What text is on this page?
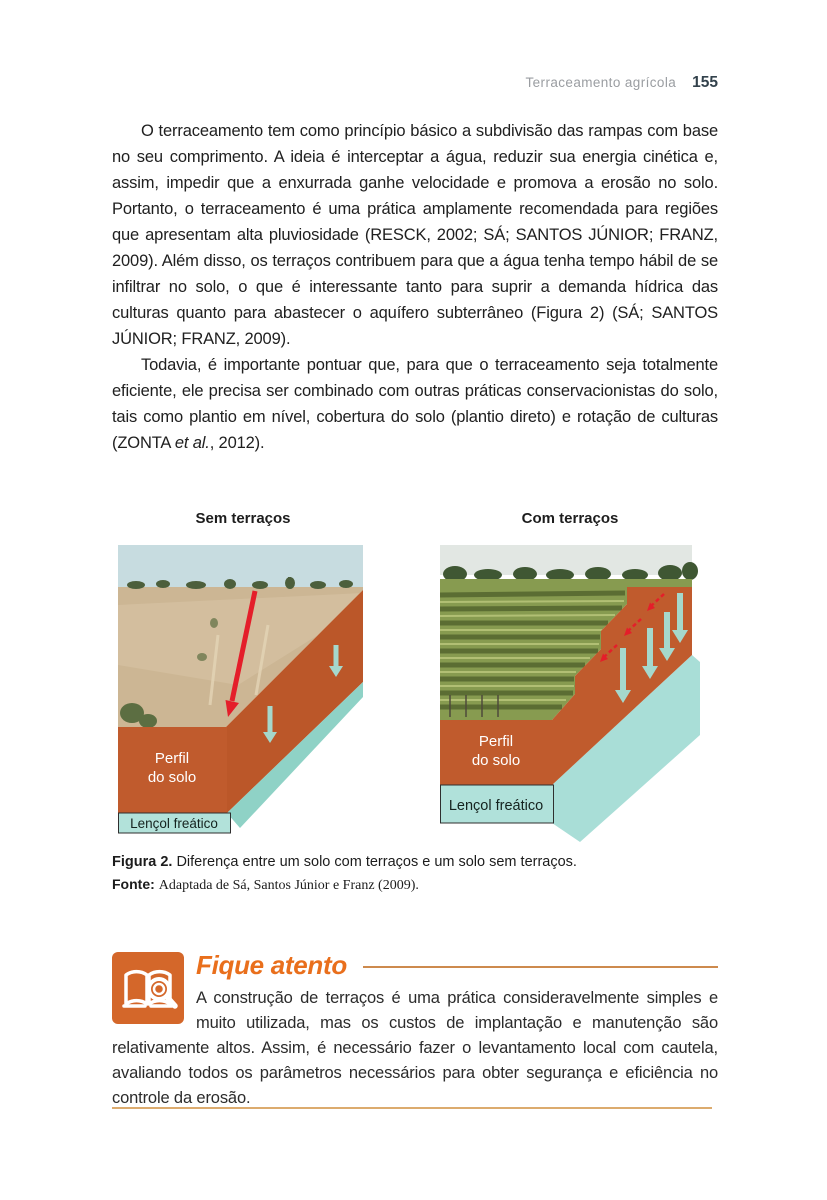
Terraceamento agrícola 155

O terraceamento tem como princípio básico a subdivisão das rampas com base no seu comprimento. A ideia é interceptar a água, reduzir sua energia cinética e, assim, impedir que a enxurrada ganhe velocidade e promova a erosão no solo. Portanto, o terraceamento é uma prática amplamente recomendada para regiões que apresentam alta pluviosidade (RESCK, 2002; SÁ; SANTOS JÚNIOR; FRANZ, 2009). Além disso, os terraços contribuem para que a água tenha tempo hábil de se infiltrar no solo, o que é interessante tanto para suprir a demanda hídrica das culturas quanto para abastecer o aquífero subterrâneo (Figura 2) (SÁ; SANTOS JÚNIOR; FRANZ, 2009).

Todavia, é importante pontuar que, para que o terraceamento seja totalmente eficiente, ele precisa ser combinado com outras práticas conservacionistas do solo, tais como plantio em nível, cobertura do solo (plantio direto) e rotação de culturas (ZONTA et al., 2012).

Sem terraços	Com terraços
Perfil
do solo
Lençol freático
Perfil
do solo
Lençol freático
Figura 2. Diferença entre um solo com terraços e um solo sem terraços.
Fonte: Adaptada de Sá, Santos Júnior e Franz (2009).
Fique atento

A construção de terraços é uma prática consideravelmente simples e muito utilizada, mas os custos de implantação e manutenção são relativamente altos. Assim, é necessário fazer o levantamento local com cautela, avaliando todos os parâmetros necessários para obter segurança e eficiência no controle da erosão.
